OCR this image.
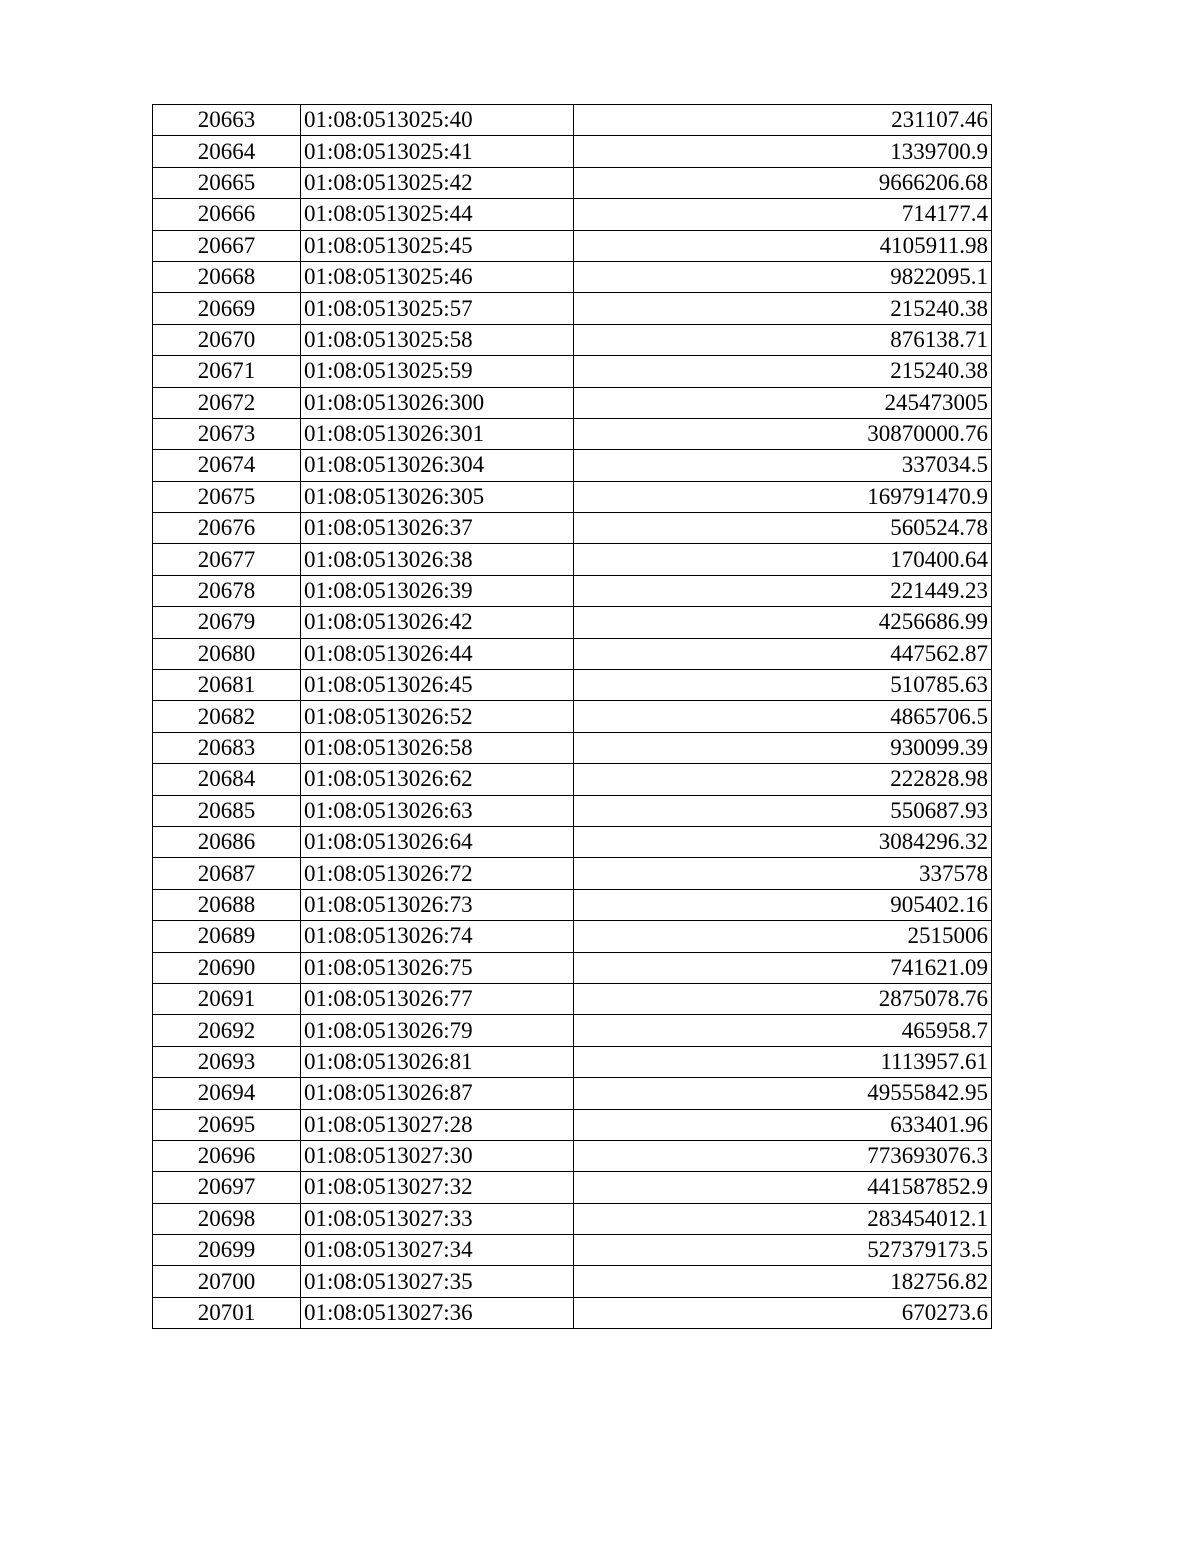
20663	01:08:0513025:40	231107.46
20664	01:08:0513025:41	1339700.9
20665	01:08:0513025:42	9666206.68
20666	01:08:0513025:44	714177.4
20667	01:08:0513025:45	4105911.98
20668	01:08:0513025:46	9822095.1
20669	01:08:0513025:57	215240.38
20670	01:08:0513025:58	876138.71
20671	01:08:0513025:59	215240.38
20672	01:08:0513026:300	245473005
20673	01:08:0513026:301	30870000.76
20674	01:08:0513026:304	337034.5
20675	01:08:0513026:305	169791470.9
20676	01:08:0513026:37	560524.78
20677	01:08:0513026:38	170400.64
20678	01:08:0513026:39	221449.23
20679	01:08:0513026:42	4256686.99
20680	01:08:0513026:44	447562.87
20681	01:08:0513026:45	510785.63
20682	01:08:0513026:52	4865706.5
20683	01:08:0513026:58	930099.39
20684	01:08:0513026:62	222828.98
20685	01:08:0513026:63	550687.93
20686	01:08:0513026:64	3084296.32
20687	01:08:0513026:72	337578
20688	01:08:0513026:73	905402.16
20689	01:08:0513026:74	2515006
20690	01:08:0513026:75	741621.09
20691	01:08:0513026:77	2875078.76
20692	01:08:0513026:79	465958.7
20693	01:08:0513026:81	1113957.61
20694	01:08:0513026:87	49555842.95
20695	01:08:0513027:28	633401.96
20696	01:08:0513027:30	773693076.3
20697	01:08:0513027:32	441587852.9
20698	01:08:0513027:33	283454012.1
20699	01:08:0513027:34	527379173.5
20700	01:08:0513027:35	182756.82
20701	01:08:0513027:36	670273.6
